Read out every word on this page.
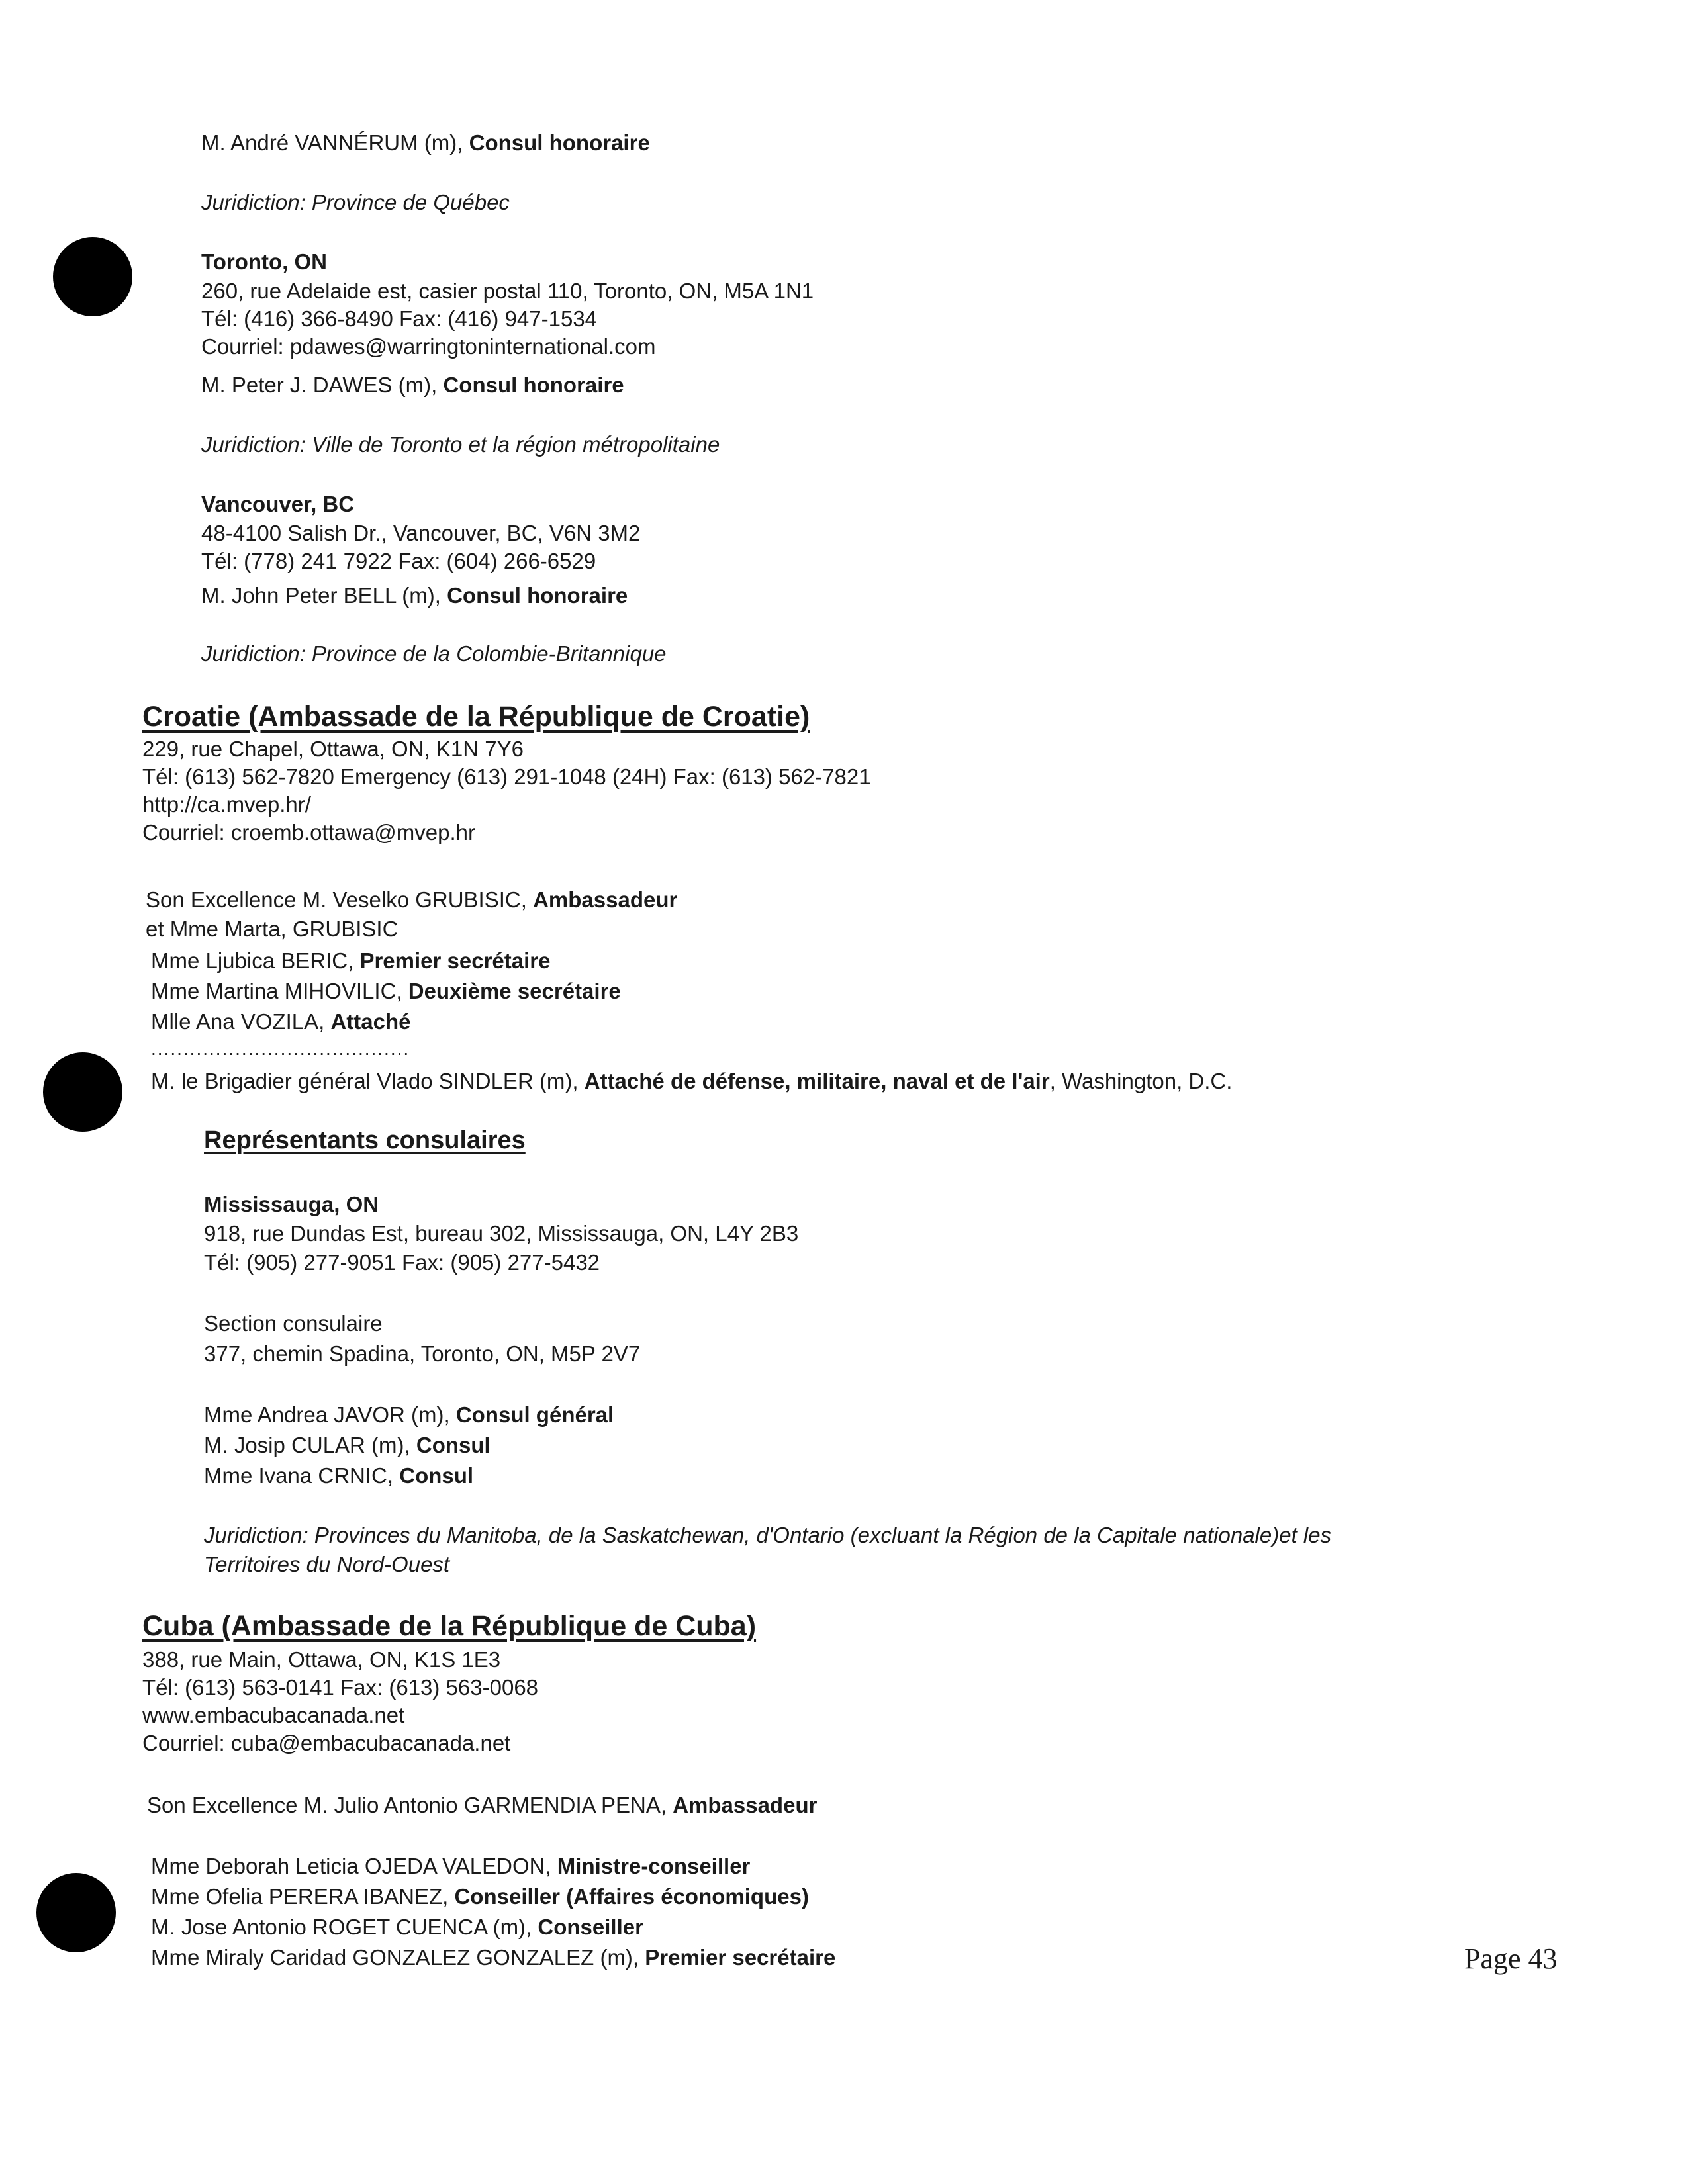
M. André VANNÉRUM (m), Consul honoraire
Juridiction: Province de Québec
Toronto, ON
260, rue Adelaide est, casier postal 110, Toronto, ON, M5A 1N1
Tél: (416) 366-8490 Fax: (416) 947-1534
Courriel: pdawes@warringtoninternational.com
M. Peter J. DAWES (m), Consul honoraire
Juridiction: Ville de Toronto et la région métropolitaine
Vancouver, BC
48-4100 Salish Dr., Vancouver, BC, V6N 3M2
Tél: (778) 241 7922 Fax: (604) 266-6529
M. John Peter BELL (m), Consul honoraire
Juridiction: Province de la Colombie-Britannique
Croatie (Ambassade de la République de Croatie)
229, rue Chapel, Ottawa, ON, K1N 7Y6
Tél: (613) 562-7820 Emergency (613) 291-1048 (24H) Fax: (613) 562-7821
http://ca.mvep.hr/
Courriel: croemb.ottawa@mvep.hr
Son Excellence M. Veselko GRUBISIC, Ambassadeur
et Mme Marta, GRUBISIC
Mme Ljubica BERIC, Premier secrétaire
Mme Martina MIHOVILIC, Deuxième secrétaire
Mlle Ana VOZILA, Attaché
........................................
M. le Brigadier général Vlado SINDLER (m), Attaché de défense, militaire, naval et de l'air, Washington, D.C.
Représentants consulaires
Mississauga, ON
918, rue Dundas Est, bureau 302, Mississauga, ON, L4Y 2B3
Tél: (905) 277-9051 Fax: (905) 277-5432
Section consulaire
377, chemin Spadina, Toronto, ON, M5P 2V7
Mme Andrea JAVOR (m), Consul général
M. Josip CULAR (m), Consul
Mme Ivana CRNIC, Consul
Juridiction: Provinces du Manitoba, de la Saskatchewan, d'Ontario (excluant la Région de la Capitale nationale)et les
Territoires du Nord-Ouest
Cuba (Ambassade de la République de Cuba)
388, rue Main, Ottawa, ON, K1S 1E3
Tél: (613) 563-0141 Fax: (613) 563-0068
www.embacubacanada.net
Courriel: cuba@embacubacanada.net
Son Excellence M. Julio Antonio GARMENDIA PENA, Ambassadeur
Mme Deborah Leticia OJEDA VALEDON, Ministre-conseiller
Mme Ofelia PERERA IBANEZ, Conseiller (Affaires économiques)
M. Jose Antonio ROGET CUENCA (m), Conseiller
Mme Miraly Caridad GONZALEZ GONZALEZ (m), Premier secrétaire	Page 43
